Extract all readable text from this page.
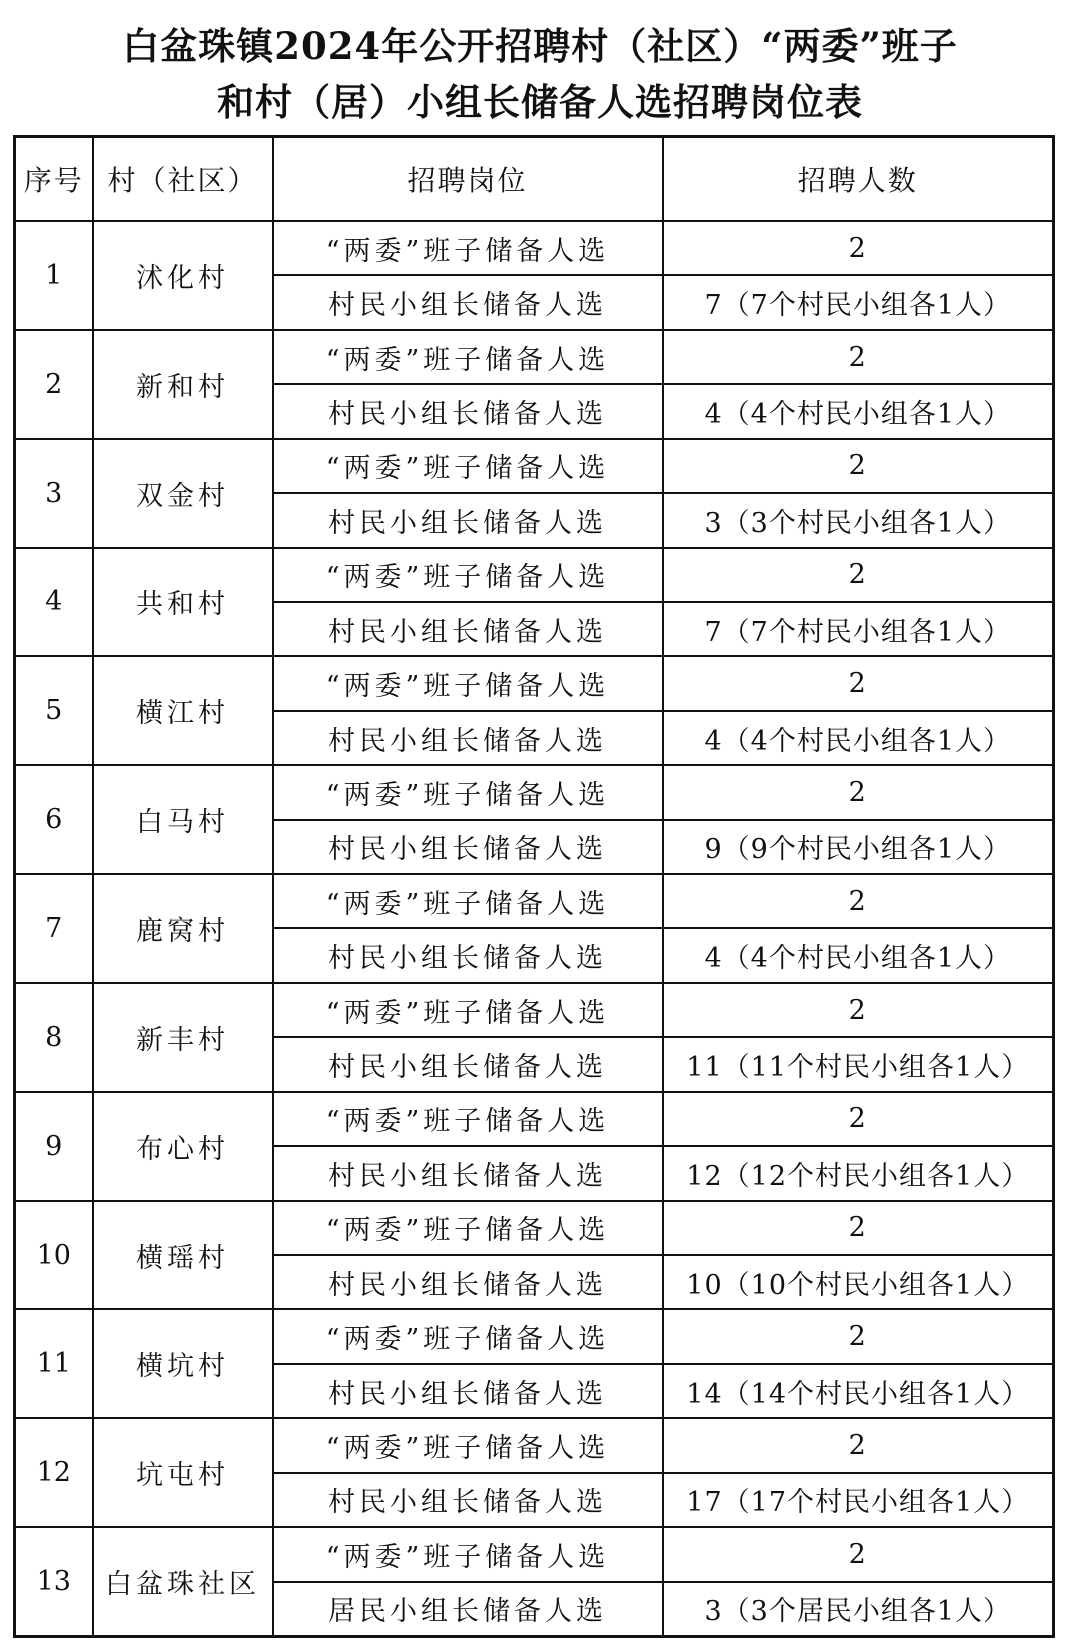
白盆珠镇2024年公开招聘村（社区）“两委”班子
和村（居）小组长储备人选招聘岗位表
序号	村（社区）	招聘岗位	招聘人数
1	沭化村	“两委”班子储备人选	2
		村民小组长储备人选	7（7个村民小组各1人）
2	新和村	“两委”班子储备人选	2
		村民小组长储备人选	4（4个村民小组各1人）
3	双金村	“两委”班子储备人选	2
		村民小组长储备人选	3（3个村民小组各1人）
4	共和村	“两委”班子储备人选	2
		村民小组长储备人选	7（7个村民小组各1人）
5	横江村	“两委”班子储备人选	2
		村民小组长储备人选	4（4个村民小组各1人）
6	白马村	“两委”班子储备人选	2
		村民小组长储备人选	9（9个村民小组各1人）
7	鹿窝村	“两委”班子储备人选	2
		村民小组长储备人选	4（4个村民小组各1人）
8	新丰村	“两委”班子储备人选	2
		村民小组长储备人选	11（11个村民小组各1人）
9	布心村	“两委”班子储备人选	2
		村民小组长储备人选	12（12个村民小组各1人）
10	横瑶村	“两委”班子储备人选	2
		村民小组长储备人选	10（10个村民小组各1人）
11	横坑村	“两委”班子储备人选	2
		村民小组长储备人选	14（14个村民小组各1人）
12	坑屯村	“两委”班子储备人选	2
		村民小组长储备人选	17（17个村民小组各1人）
13	白盆珠社区	“两委”班子储备人选	2
		居民小组长储备人选	3（3个居民小组各1人）
